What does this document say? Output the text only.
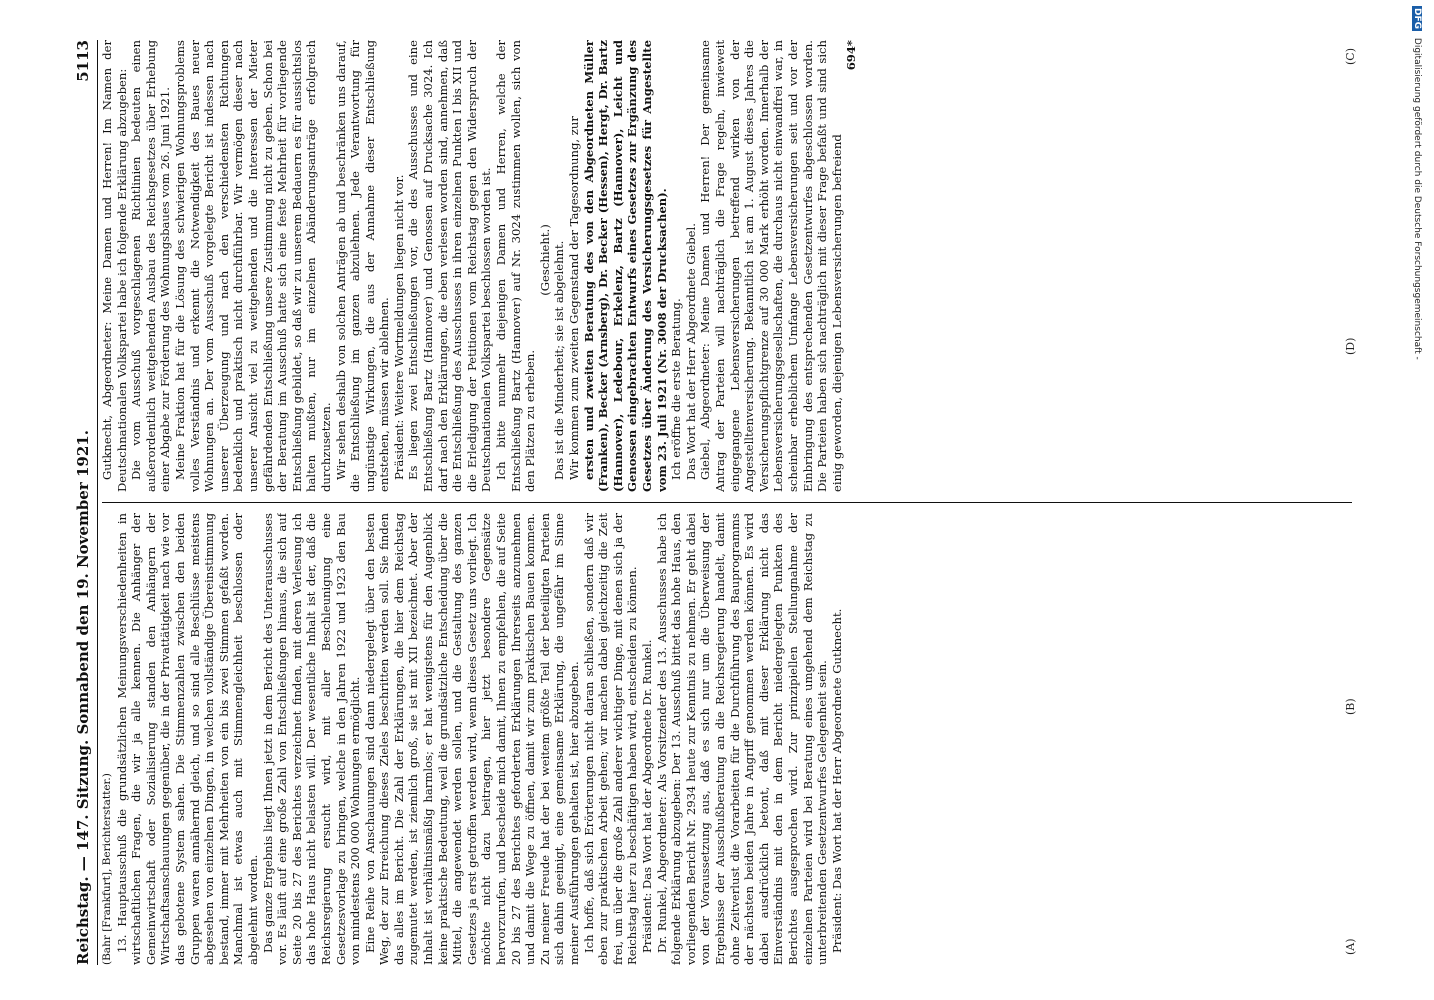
Reichstag. — 147. Sitzung. Sonnabend den 19. November 1921.
5113

(Bahr [Frankfurt], Berichterstatter.) 13. Hauptausschuß die grundsätzlichen Meinungsverschiedenheiten in wirtschaftlichen Fragen, die wir ja alle kennen. Die Anhänger der Gemeinwirtschaft oder Sozialisierung standen den Anhängern der Wirtschaftsanschauungen gegenüber, die in der Privattätigkeit nach wie vor das gebotene System sahen. Die Stimmenzahlen zwischen den beiden Gruppen waren annähernd gleich, und so sind alle Beschlüsse meistens abgesehen von einzelnen Dingen, in welchen vollständige Übereinstimmung bestand, immer mit Mehrheiten von ein bis zwei Stimmen gefaßt worden. Manchmal ist etwas auch mit Stimmengleichheit beschlossen oder abgelehnt worden. Das ganze Ergebnis liegt Ihnen jetzt in dem Bericht des Unterausschusses vor. Es läuft auf eine große Zahl von Entschließungen hinaus, die sich auf Seite 20 bis 27 des Berichtes verzeichnet finden, mit deren Verlesung ich das hohe Haus nicht belasten will. Der wesentliche Inhalt ist der, daß die Reichsregierung ersucht wird, mit aller Beschleunigung eine Gesetzesvorlage zu bringen, welche in den Jahren 1922 und 1923 den Bau von mindestens 200 000 Wohnungen ermöglicht. Eine Reihe von Anschauungen sind dann niedergelegt über den besten Weg, der zur Erreichung dieses Zieles beschritten werden soll. Sie finden das alles im Bericht. Die Zahl der Erklärungen, die hier dem Reichstag zugemutet werden, ist ziemlich groß, sie ist mit XII bezeichnet. Aber der Inhalt ist verhältnismäßig harmlos; er hat wenigstens für den Augenblick keine praktische Bedeutung, weil die grundsätzliche Entscheidung über die Mittel, die angewendet werden sollen, und die Gestaltung des ganzen Gesetzes ja erst getroffen werden wird, wenn dieses Gesetz uns vorliegt. Ich möchte nicht dazu beitragen, hier jetzt besondere Gegensätze hervorzurufen, und bescheide mich damit, Ihnen zu empfehlen, die auf Seite 20 bis 27 des Berichtes geforderten Erklärungen Ihrerseits anzunehmen und damit die Wege zu öffnen, damit wir zum praktischen Bauen kommen. Zu meiner Freude hat der bei weitem größte Teil der beteiligten Parteien sich dahin geeinigt, eine gemeinsame Erklärung, die ungefähr im Sinne meiner Ausführungen gehalten ist, hier abzugeben. Ich hoffe, daß sich Erörterungen nicht daran schließen, sondern daß wir eben zur praktischen Arbeit gehen; wir machen dabei gleichzeitig die Zeit frei, um über die große Zahl anderer wichtiger Dinge, mit denen sich ja der Reichstag hier zu beschäftigen haben wird, entscheiden zu können. Präsident: Das Wort hat der Abgeordnete Dr. Runkel. Dr. Runkel, Abgeordneter: Als Vorsitzender des 13. Ausschusses habe ich folgende Erklärung abzugeben: Der 13. Ausschuß bittet das hohe Haus, den vorliegenden Bericht Nr. 2934 heute zur Kenntnis zu nehmen. Er geht dabei von der Voraussetzung aus, daß es sich nur um die Überweisung der Ergebnisse der Ausschußberatung an die Reichsregierung handelt, damit ohne Zeitverlust die Vorarbeiten für die Durchführung des Bauprogramms der nächsten beiden Jahre in Angriff genommen werden können. Es wird dabei ausdrücklich betont, daß mit dieser Erklärung nicht das Einverständnis mit den in dem Bericht niedergelegten Punkten des Berichtes ausgesprochen wird. Zur prinzipiellen Stellungnahme der einzelnen Parteien wird bei Beratung eines umgehend dem Reichstag zu unterbreitenden Gesetzentwurfes Gelegenheit sein. Präsident: Das Wort hat der Herr Abgeordnete Gutknecht.

Gutknecht, Abgeordneter: Meine Damen und Herren! Im Namen der Deutschnationalen Volkspartei habe ich folgende Erklärung abzugeben: Die vom Ausschuß vorgeschlagenen Richtlinien bedeuten einen außerordentlich weitgehenden Ausbau des Reichsgesetzes über Erhebung einer Abgabe zur Förderung des Wohnungsbaues vom 26. Juni 1921. Meine Fraktion hat für die Lösung des schwierigen Wohnungsproblems volles Verständnis und erkennt die Notwendigkeit des Baues neuer Wohnungen an. Der vom Ausschuß vorgelegte Bericht ist indessen nach unserer Überzeugung und nach den verschiedensten Richtungen bedenklich und praktisch nicht durchführbar. Wir vermögen dieser nach unserer Ansicht viel zu weitgehenden und die Interessen der Mieter gefährdenden Entschließung unsere Zustimmung nicht zu geben. Schon bei der Beratung im Ausschuß hatte sich eine feste Mehrheit für vorliegende Entschließung gebildet, so daß wir zu unserem Bedauern es für aussichtslos halten mußten, nur im einzelnen Abänderungsanträge erfolgreich durchzusetzen. Wir sehen deshalb von solchen Anträgen ab und beschränken uns darauf, die Entschließung im ganzen abzulehnen. Jede Verantwortung für ungünstige Wirkungen, die aus der Annahme dieser Entschließung entstehen, müssen wir ablehnen. Präsident: Weitere Wortmeldungen liegen nicht vor. Es liegen zwei Entschließungen vor, die des Ausschusses und eine Entschließung Bartz (Hannover) und Genossen auf Drucksache 3024. Ich darf nach den Erklärungen, die eben verlesen worden sind, annehmen, daß die Entschließung des Ausschusses in ihren einzelnen Punkten I bis XII und die Erledigung der Petitionen vom Reichstag gegen den Widerspruch der Deutschnationalen Volkspartei beschlossen worden ist. Ich bitte nunmehr diejenigen Damen und Herren, welche der Entschließung Bartz (Hannover) auf Nr. 3024 zustimmen wollen, sich von den Plätzen zu erheben.

(Geschieht.) Das ist die Minderheit; sie ist abgelehnt. Wir kommen zum zweiten Gegenstand der Tagesordnung, zur ersten und zweiten Beratung des von den Abgeordneten Müller (Franken), Becker (Arnsberg), Dr. Becker (Hessen), Hergt, Dr. Bartz (Hannover), Ledebour, Erkelenz, Bartz (Hannover), Leicht und Genossen eingebrachten Entwurfs eines Gesetzes zur Ergänzung des Gesetzes über Änderung des Versicherungsgesetzes für Angestellte vom 23. Juli 1921 (Nr. 3008 der Drucksachen). Ich eröffne die erste Beratung. Das Wort hat der Herr Abgeordnete Giebel. Giebel, Abgeordneter: Meine Damen und Herren! Der gemeinsame Antrag der Parteien will nachträglich die Frage regeln, inwieweit eingegangene Lebensversicherungen betreffend wirken von der Angestelltenversicherung. Bekanntlich ist am 1. August dieses Jahres die Versicherungspflichtgrenze auf 30 000 Mark erhöht worden. Innerhalb der Lebensversicherungsgesellschaften, die durchaus nicht einwandfrei war, in scheinbar erheblichem Umfange Lebensversicherungen seit und vor der Einbringung des entsprechenden Gesetzentwurfes abgeschlossen worden. Die Parteien haben sich nachträglich mit dieser Frage befaßt und sind sich einig geworden, diejenigen Lebensversicherungen befreiend

694*

(A)
(B)
(C)
(D)
DFG Digitalisierung gefördert durch die Deutsche Forschungsgemeinschaft -
